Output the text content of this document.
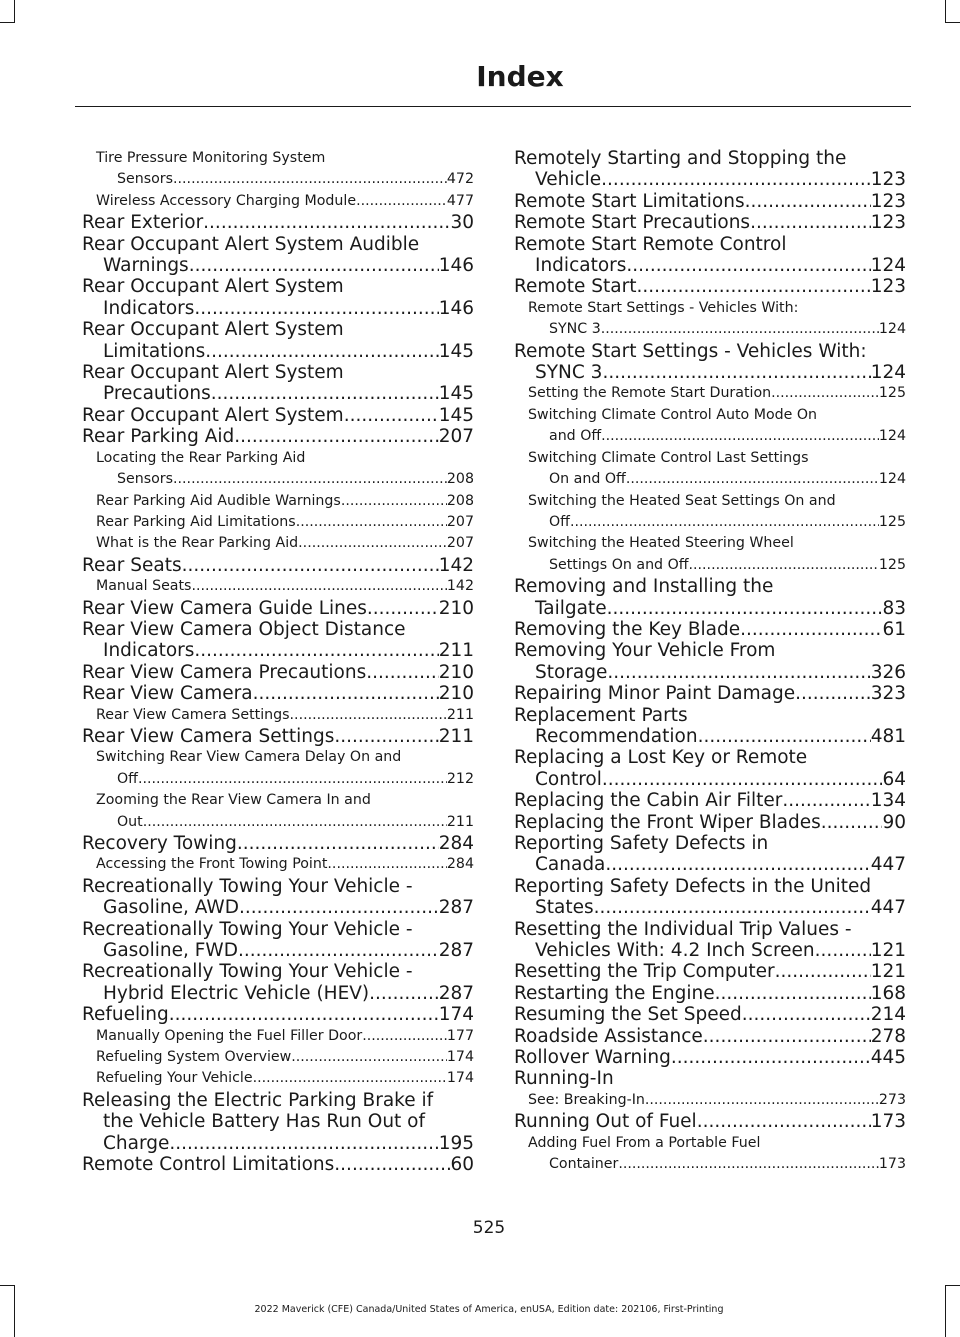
Index
Tire Pressure Monitoring System
Sensors .....	472
Wireless Accessory Charging Module .....	477
Rear Exterior .....	30
Rear Occupant Alert System Audible
Warnings .....	146
Rear Occupant Alert System
Indicators .....	146
Rear Occupant Alert System
Limitations .....	145
Rear Occupant Alert System
Precautions .....	145
Rear Occupant Alert System .....	145
Rear Parking Aid .....	207
Locating the Rear Parking Aid
Sensors .....	208
Rear Parking Aid Audible Warnings .....	208
Rear Parking Aid Limitations .....	207
What is the Rear Parking Aid .....	207
Rear Seats .....	142
Manual Seats .....	142
Rear View Camera Guide Lines .....	210
Rear View Camera Object Distance
Indicators .....	211
Rear View Camera Precautions .....	210
Rear View Camera .....	210
Rear View Camera Settings .....	211
Rear View Camera Settings .....	211
Switching Rear View Camera Delay On and
Off .....	212
Zooming the Rear View Camera In and
Out .....	211
Recovery Towing .....	284
Accessing the Front Towing Point .....	284
Recreationally Towing Your Vehicle -
Gasoline, AWD .....	287
Recreationally Towing Your Vehicle -
Gasoline, FWD .....	287
Recreationally Towing Your Vehicle -
Hybrid Electric Vehicle (HEV) .....	287
Refueling .....	174
Manually Opening the Fuel Filler Door .....	177
Refueling System Overview .....	174
Refueling Your Vehicle .....	174
Releasing the Electric Parking Brake if
the Vehicle Battery Has Run Out of
Charge .....	195
Remote Control Limitations .....	60
Remotely Starting and Stopping the
Vehicle .....	123
Remote Start Limitations .....	123
Remote Start Precautions .....	123
Remote Start Remote Control
Indicators .....	124
Remote Start .....	123
Remote Start Settings - Vehicles With:
SYNC 3 .....	124
Remote Start Settings - Vehicles With:
SYNC 3 .....	124
Setting the Remote Start Duration .....	125
Switching Climate Control Auto Mode On
and Off .....	124
Switching Climate Control Last Settings
On and Off .....	124
Switching the Heated Seat Settings On and
Off .....	125
Switching the Heated Steering Wheel
Settings On and Off .....	125
Removing and Installing the
Tailgate .....	83
Removing the Key Blade .....	61
Removing Your Vehicle From
Storage .....	326
Repairing Minor Paint Damage .....	323
Replacement Parts
Recommendation .....	481
Replacing a Lost Key or Remote
Control .....	64
Replacing the Cabin Air Filter .....	134
Replacing the Front Wiper Blades .....	90
Reporting Safety Defects in
Canada .....	447
Reporting Safety Defects in the United
States .....	447
Resetting the Individual Trip Values -
Vehicles With: 4.2 Inch Screen .....	121
Resetting the Trip Computer .....	121
Restarting the Engine .....	168
Resuming the Set Speed .....	214
Roadside Assistance .....	278
Rollover Warning .....	445
Running-In
See: Breaking-In .....	273
Running Out of Fuel .....	173
Adding Fuel From a Portable Fuel
Container .....	173
525
2022 Maverick (CFE) Canada/United States of America, enUSA, Edition date: 202106, First-Printing
